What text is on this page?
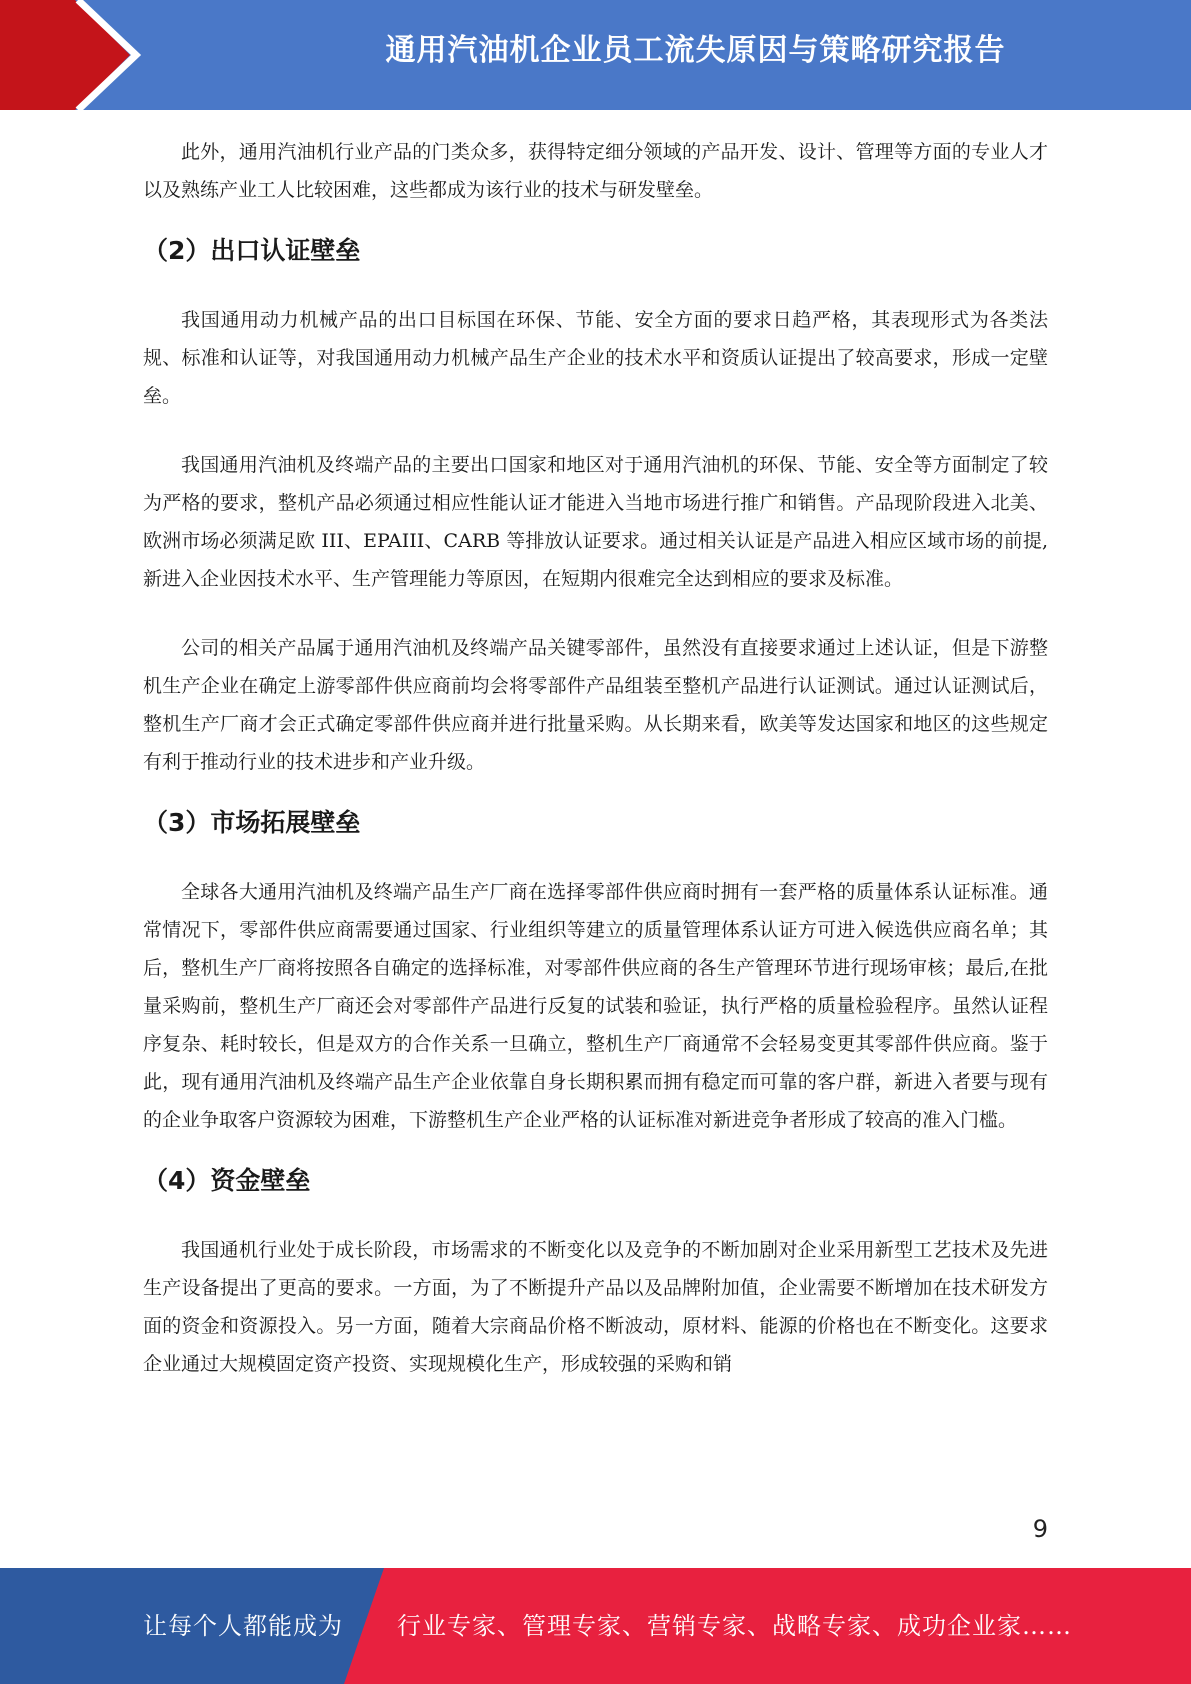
通用汽油机企业员工流失原因与策略研究报告

此外，通用汽油机行业产品的门类众多，获得特定细分领域的产品开发、设计、管理等方面的专业人才以及熟练产业工人比较困难，这些都成为该行业的技术与研发壁垒。

（2）出口认证壁垒

我国通用动力机械产品的出口目标国在环保、节能、安全方面的要求日趋严格，其表现形式为各类法规、标准和认证等，对我国通用动力机械产品生产企业的技术水平和资质认证提出了较高要求，形成一定壁垒。

我国通用汽油机及终端产品的主要出口国家和地区对于通用汽油机的环保、节能、安全等方面制定了较为严格的要求，整机产品必须通过相应性能认证才能进入当地市场进行推广和销售。产品现阶段进入北美、欧洲市场必须满足欧 III、EPAIII、CARB 等排放认证要求。通过相关认证是产品进入相应区域市场的前提,新进入企业因技术水平、生产管理能力等原因，在短期内很难完全达到相应的要求及标准。

公司的相关产品属于通用汽油机及终端产品关键零部件，虽然没有直接要求通过上述认证，但是下游整机生产企业在确定上游零部件供应商前均会将零部件产品组装至整机产品进行认证测试。通过认证测试后，整机生产厂商才会正式确定零部件供应商并进行批量采购。从长期来看，欧美等发达国家和地区的这些规定有利于推动行业的技术进步和产业升级。

（3）市场拓展壁垒

全球各大通用汽油机及终端产品生产厂商在选择零部件供应商时拥有一套严格的质量体系认证标准。通常情况下，零部件供应商需要通过国家、行业组织等建立的质量管理体系认证方可进入候选供应商名单；其后，整机生产厂商将按照各自确定的选择标准，对零部件供应商的各生产管理环节进行现场审核；最后,在批量采购前，整机生产厂商还会对零部件产品进行反复的试装和验证，执行严格的质量检验程序。虽然认证程序复杂、耗时较长，但是双方的合作关系一旦确立，整机生产厂商通常不会轻易变更其零部件供应商。鉴于此，现有通用汽油机及终端产品生产企业依靠自身长期积累而拥有稳定而可靠的客户群，新进入者要与现有的企业争取客户资源较为困难，下游整机生产企业严格的认证标准对新进竞争者形成了较高的准入门槛。

（4）资金壁垒

我国通机行业处于成长阶段，市场需求的不断变化以及竞争的不断加剧对企业采用新型工艺技术及先进生产设备提出了更高的要求。一方面，为了不断提升产品以及品牌附加值，企业需要不断增加在技术研发方面的资金和资源投入。另一方面，随着大宗商品价格不断波动，原材料、能源的价格也在不断变化。这要求企业通过大规模固定资产投资、实现规模化生产，形成较强的采购和销

9
让每个人都能成为 行业专家、管理专家、营销专家、战略专家、成功企业家……
